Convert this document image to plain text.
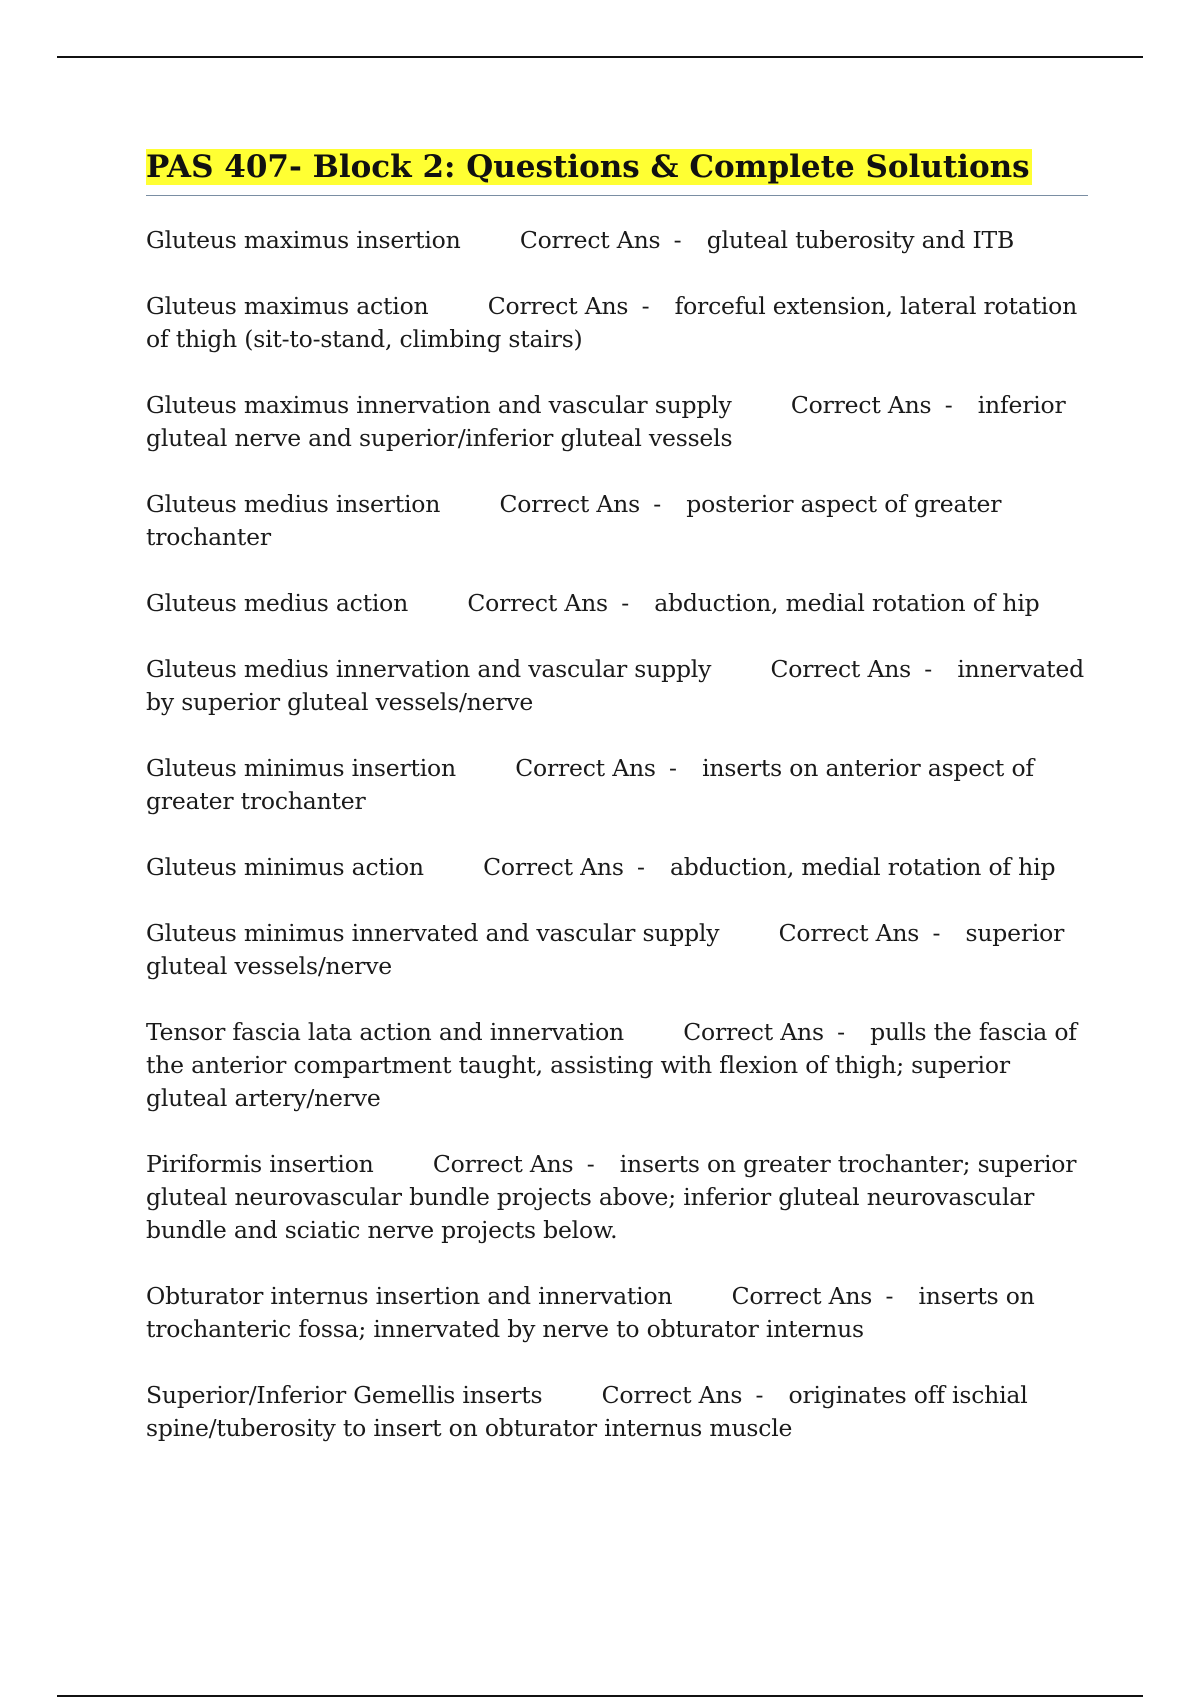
PAS 407- Block 2: Questions & Complete Solutions

Gluteus maximus insertion	Correct Ans - gluteal tuberosity and ITB

Gluteus maximus action	Correct Ans - forceful extension, lateral rotation of thigh (sit-to-stand, climbing stairs)

Gluteus maximus innervation and vascular supply	Correct Ans - inferior gluteal nerve and superior/inferior gluteal vessels

Gluteus medius insertion	Correct Ans - posterior aspect of greater trochanter

Gluteus medius action	Correct Ans - abduction, medial rotation of hip

Gluteus medius innervation and vascular supply	Correct Ans - innervated by superior gluteal vessels/nerve

Gluteus minimus insertion	Correct Ans - inserts on anterior aspect of greater trochanter

Gluteus minimus action	Correct Ans - abduction, medial rotation of hip

Gluteus minimus innervated and vascular supply	Correct Ans - superior gluteal vessels/nerve

Tensor fascia lata action and innervation	Correct Ans - pulls the fascia of the anterior compartment taught, assisting with flexion of thigh; superior gluteal artery/nerve

Piriformis insertion	Correct Ans - inserts on greater trochanter; superior gluteal neurovascular bundle projects above; inferior gluteal neurovascular bundle and sciatic nerve projects below.

Obturator internus insertion and innervation	Correct Ans - inserts on trochanteric fossa; innervated by nerve to obturator internus

Superior/Inferior Gemellis inserts	Correct Ans - originates off ischial spine/tuberosity to insert on obturator internus muscle
